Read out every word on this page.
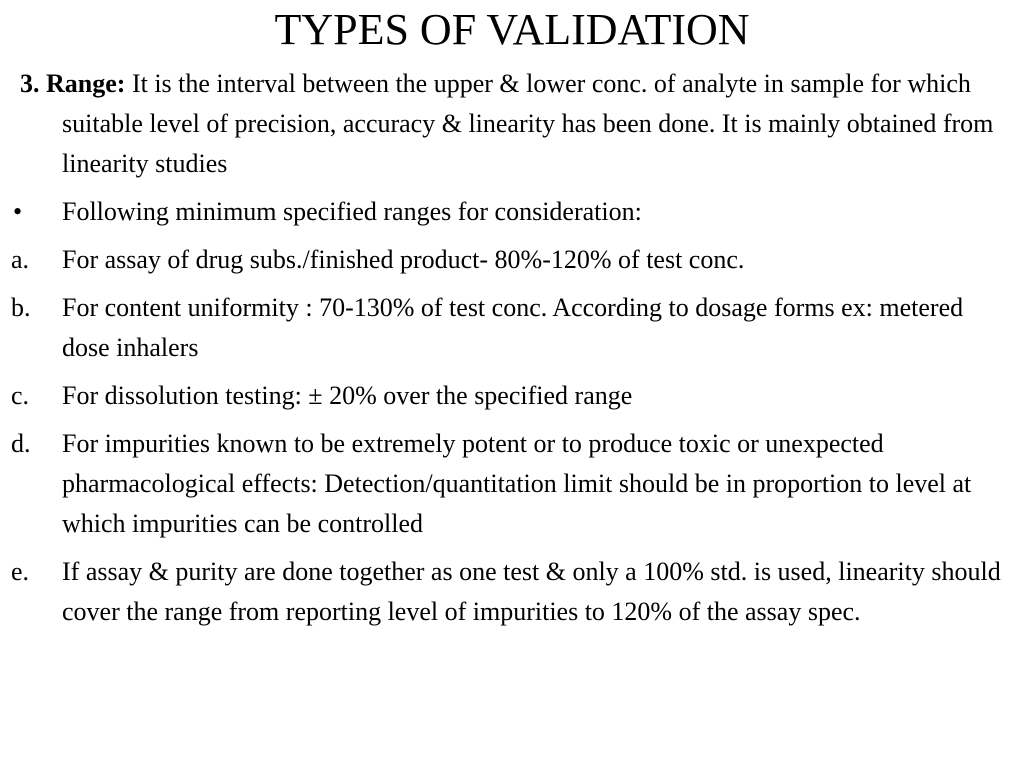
TYPES OF VALIDATION
3. Range: It is the interval between the upper & lower conc. of analyte in sample for which suitable level of precision, accuracy & linearity has been done. It is mainly obtained from linearity studies
• Following minimum specified ranges for consideration:
a. For assay of drug subs./finished product- 80%-120% of test conc.
b. For content uniformity : 70-130% of test conc. According to dosage forms ex: metered dose inhalers
c. For dissolution testing: ± 20% over the specified range
d. For impurities known to be extremely potent or to produce toxic or unexpected pharmacological effects: Detection/quantitation limit should be in proportion to level at which impurities can be controlled
e. If assay & purity are done together as one test & only a 100% std. is used, linearity should cover the range from reporting level of impurities to 120% of the assay spec.
